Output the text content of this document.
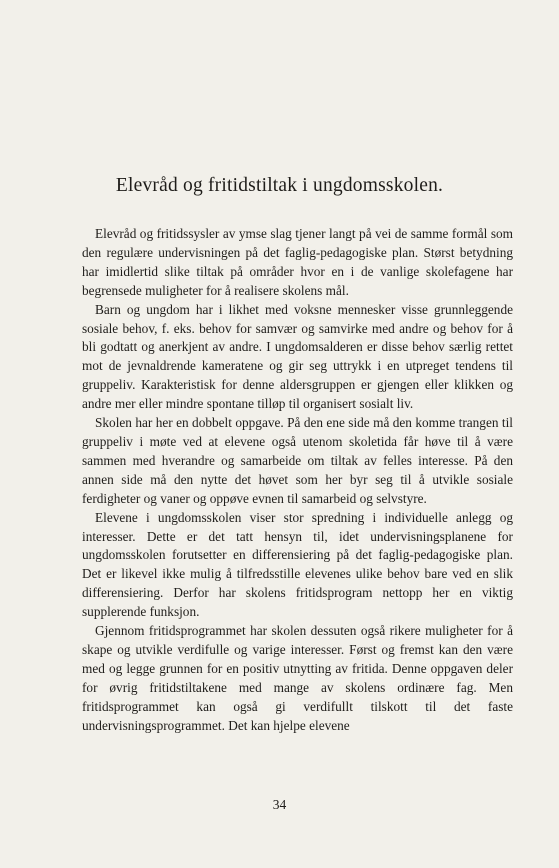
Elevråd og fritidstiltak i ungdomsskolen.

Elevråd og fritidssysler av ymse slag tjener langt på vei de samme formål som den regulære undervisningen på det faglig-pedagogiske plan. Størst betydning har imidlertid slike tiltak på områder hvor en i de vanlige skolefagene har begrensede muligheter for å realisere skolens mål.

Barn og ungdom har i likhet med voksne mennesker visse grunnleggende sosiale behov, f. eks. behov for samvær og samvirke med andre og behov for å bli godtatt og anerkjent av andre. I ungdomsalderen er disse behov særlig rettet mot de jevnaldrende kameratene og gir seg uttrykk i en utpreget tendens til gruppeliv. Karakteristisk for denne aldersgruppen er gjengen eller klikken og andre mer eller mindre spontane tilløp til organisert sosialt liv.

Skolen har her en dobbelt oppgave. På den ene side må den komme trangen til gruppeliv i møte ved at elevene også utenom skoletida får høve til å være sammen med hverandre og samarbeide om tiltak av felles interesse. På den annen side må den nytte det høvet som her byr seg til å utvikle sosiale ferdigheter og vaner og oppøve evnen til samarbeid og selvstyre.

Elevene i ungdomsskolen viser stor spredning i individuelle anlegg og interesser. Dette er det tatt hensyn til, idet undervisningsplanene for ungdomsskolen forutsetter en differensiering på det faglig-pedagogiske plan. Det er likevel ikke mulig å tilfredsstille elevenes ulike behov bare ved en slik differensiering. Derfor har skolens fritidsprogram nettopp her en viktig supplerende funksjon.

Gjennom fritidsprogrammet har skolen dessuten også rikere muligheter for å skape og utvikle verdifulle og varige interesser. Først og fremst kan den være med og legge grunnen for en positiv utnytting av fritida. Denne oppgaven deler for øvrig fritidstiltakene med mange av skolens ordinære fag. Men fritidsprogrammet kan også gi verdifullt tilskott til det faste undervisningsprogrammet. Det kan hjelpe elevene

34
